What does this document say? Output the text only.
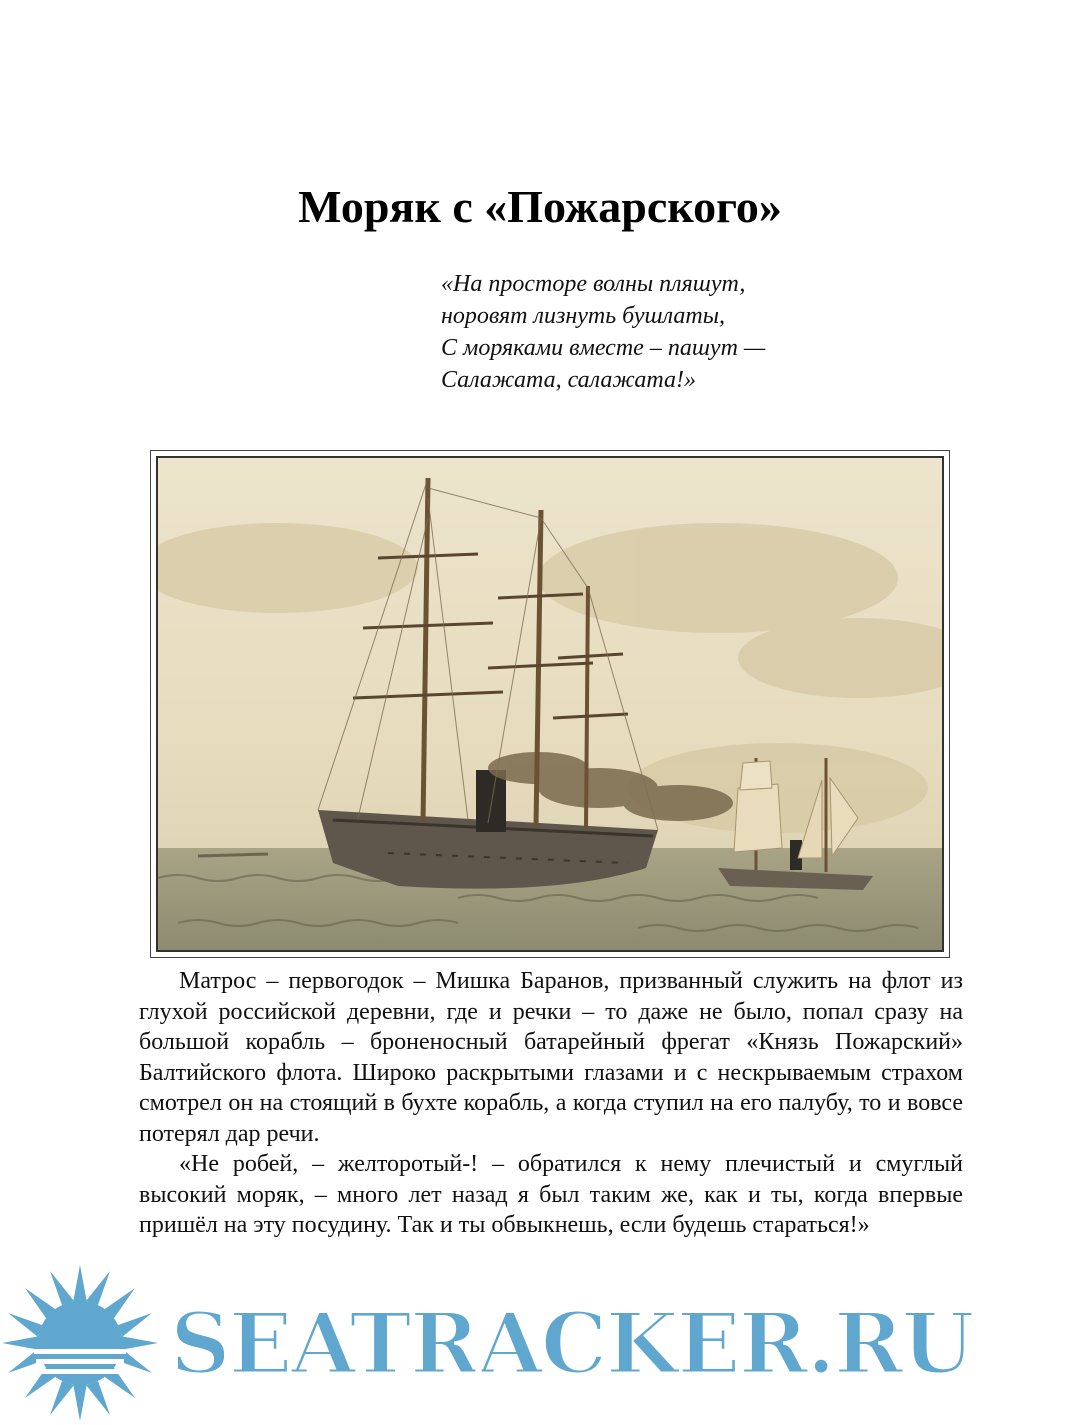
Моряк с «Пожарского»
«На просторе волны пляшут,
норовят лизнуть бушлаты,
С моряками вместе – пашут —
Салажата, салажата!»

Матрос – первогодок – Мишка Баранов, призванный служить на флот из глухой российской деревни, где и речки – то даже не было, попал сразу на большой корабль – броненосный батарейный фрегат «Князь Пожарский» Балтийского флота. Широко раскрытыми глазами и с нескрываемым страхом смотрел он на стоящий в бухте корабль, а когда ступил на его палубу, то и вовсе потерял дар речи.

«Не робей, – желторотый-! – обратился к нему плечистый и смуглый высокий моряк, – много лет назад я был таким же, как и ты, когда впервые пришёл на эту посудину. Так и ты обвыкнешь, если будешь стараться!»

SEATRACKER.RU
